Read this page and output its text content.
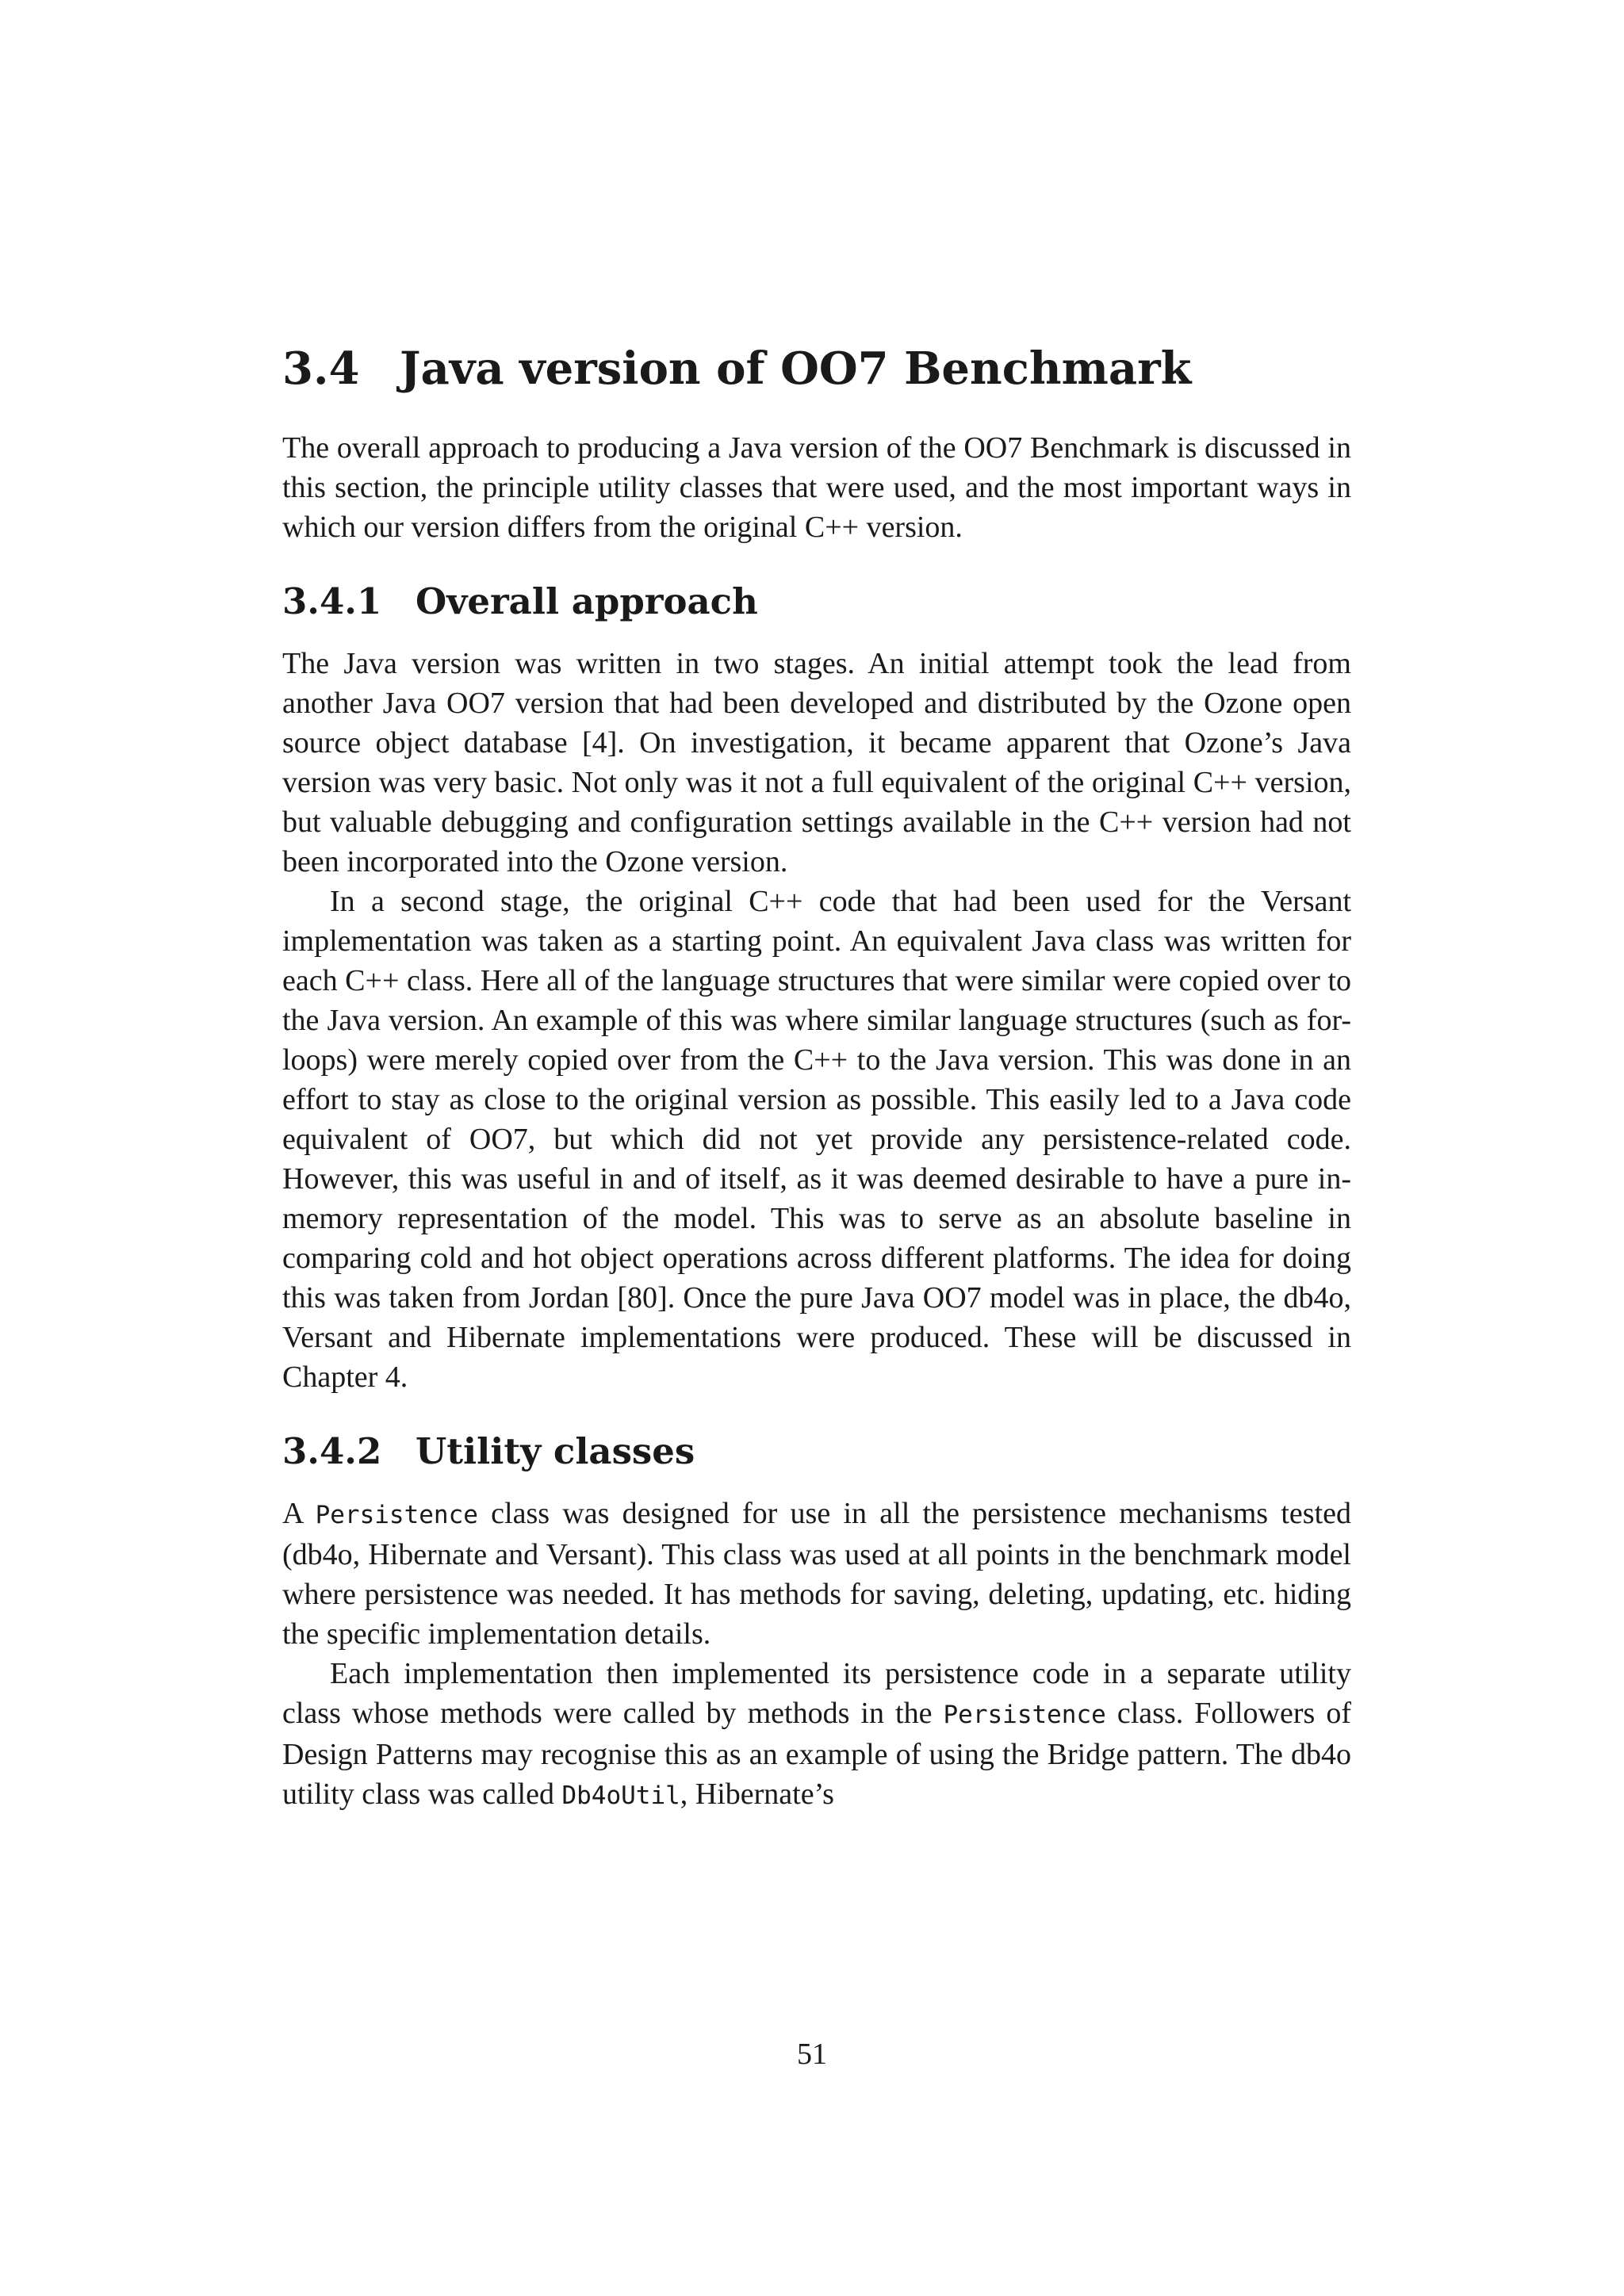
3.4 Java version of OO7 Benchmark

The overall approach to producing a Java version of the OO7 Benchmark is discussed in this section, the principle utility classes that were used, and the most important ways in which our version differs from the original C++ version.

3.4.1 Overall approach

The Java version was written in two stages. An initial attempt took the lead from another Java OO7 version that had been developed and distributed by the Ozone open source object database [4]. On investigation, it became apparent that Ozone’s Java version was very basic. Not only was it not a full equivalent of the original C++ version, but valuable debugging and configuration settings available in the C++ version had not been incorporated into the Ozone version.

In a second stage, the original C++ code that had been used for the Versant implementation was taken as a starting point. An equivalent Java class was written for each C++ class. Here all of the language structures that were similar were copied over to the Java version. An example of this was where similar language structures (such as for-loops) were merely copied over from the C++ to the Java version. This was done in an effort to stay as close to the original version as possible. This easily led to a Java code equivalent of OO7, but which did not yet provide any persistence-related code. However, this was useful in and of itself, as it was deemed desirable to have a pure in-memory representation of the model. This was to serve as an absolute baseline in comparing cold and hot object operations across different platforms. The idea for doing this was taken from Jordan [80]. Once the pure Java OO7 model was in place, the db4o, Versant and Hibernate implementations were produced. These will be discussed in Chapter 4.

3.4.2 Utility classes

A Persistence class was designed for use in all the persistence mechanisms tested (db4o, Hibernate and Versant). This class was used at all points in the benchmark model where persistence was needed. It has methods for saving, deleting, updating, etc. hiding the specific implementation details.

Each implementation then implemented its persistence code in a separate utility class whose methods were called by methods in the Persistence class. Followers of Design Patterns may recognise this as an example of using the Bridge pattern. The db4o utility class was called Db4oUtil, Hibernate’s

51
